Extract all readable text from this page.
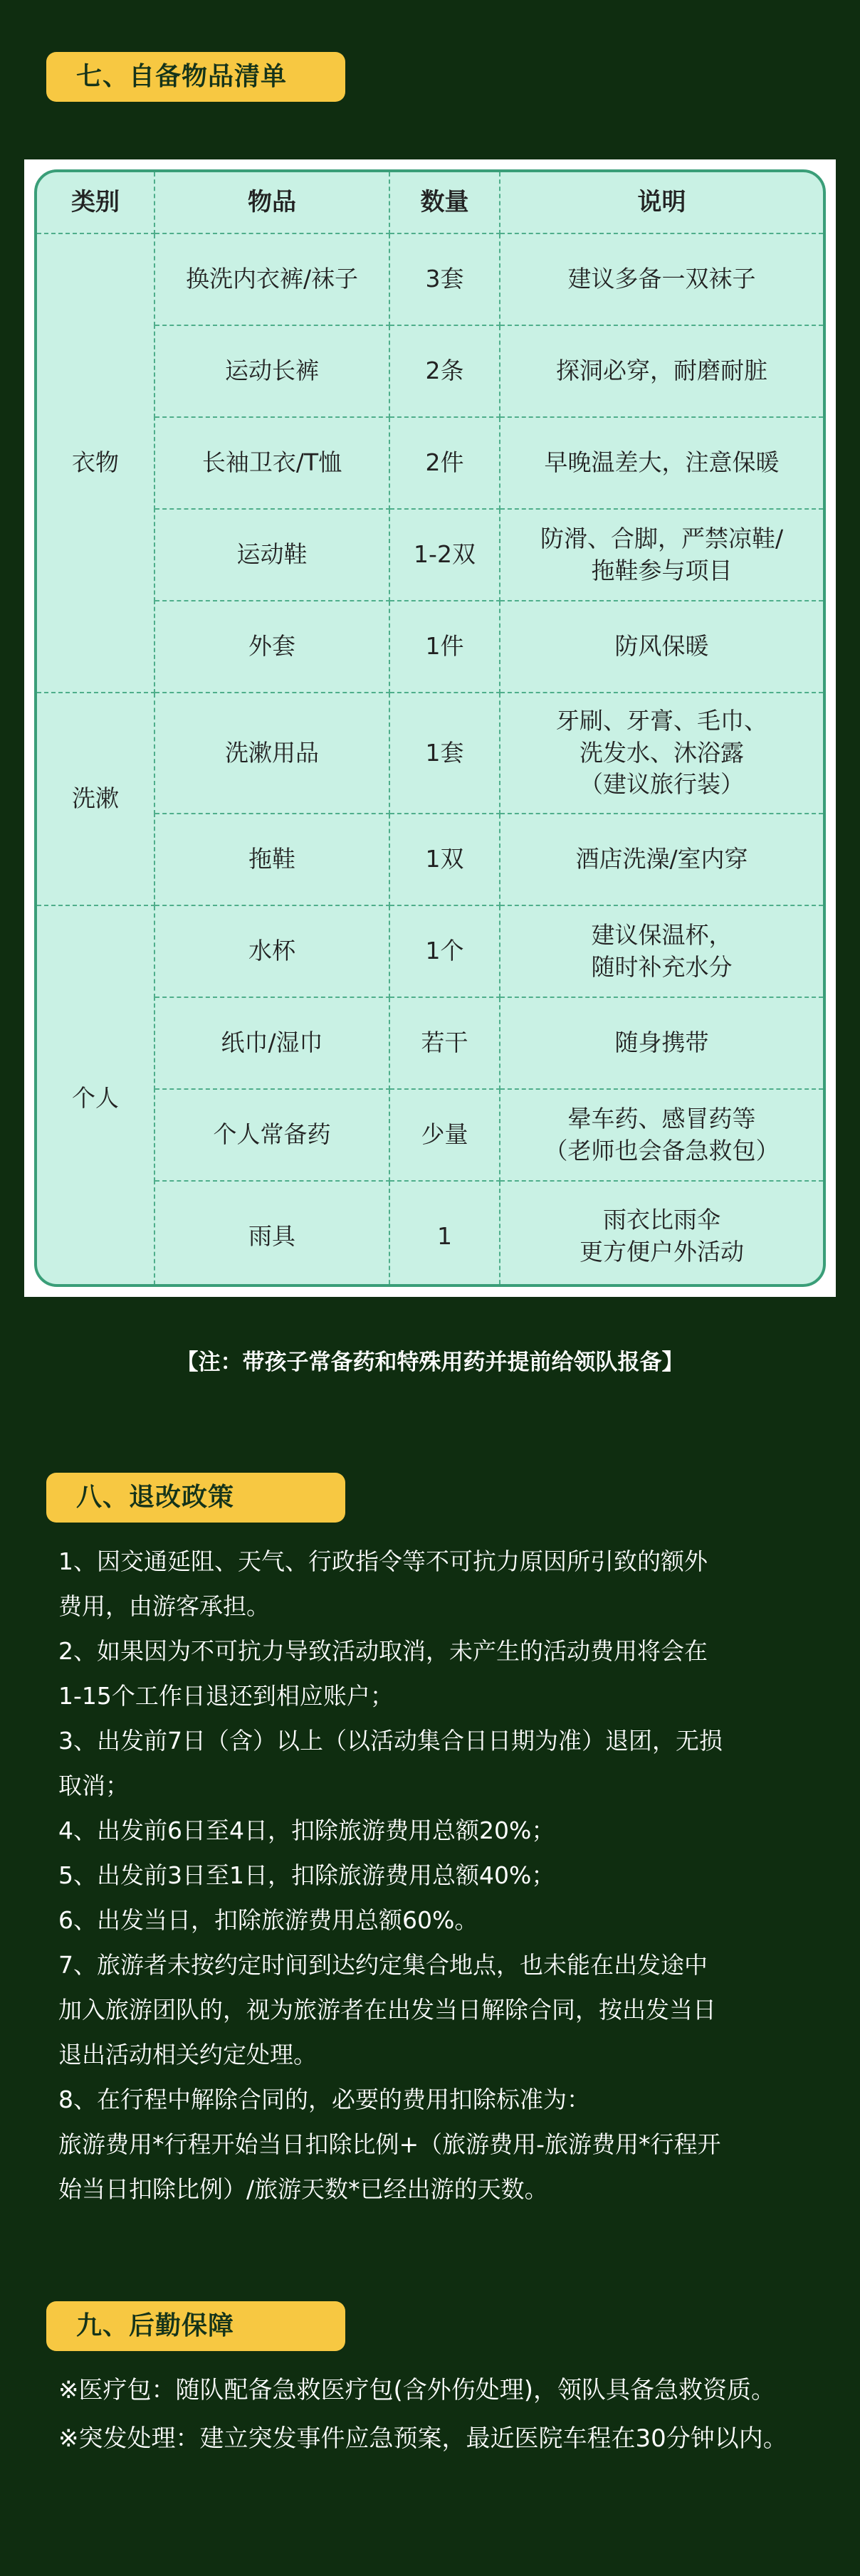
七、自备物品清单
类别	物品	数量	说明
衣物	换洗内衣裤/袜子	3套	建议多备一双袜子
	运动长裤	2条	探洞必穿，耐磨耐脏
	长袖卫衣/T恤	2件	早晚温差大，注意保暖
	运动鞋	1-2双	防滑、合脚，严禁凉鞋/
拖鞋参与项目
	外套	1件	防风保暖
洗漱	洗漱用品	1套	牙刷、牙膏、毛巾、
洗发水、沐浴露
（建议旅行装）
	拖鞋	1双	酒店洗澡/室内穿
个人	水杯	1个	建议保温杯，
随时补充水分
	纸巾/湿巾	若干	随身携带
	个人常备药	少量	晕车药、感冒药等
（老师也会备急救包）
	雨具	1	雨衣比雨伞
更方便户外活动
【注：带孩子常备药和特殊用药并提前给领队报备】
八、退改政策

1、因交通延阻、天气、行政指令等不可抗力原因所引致的额外

费用，由游客承担。

2、如果因为不可抗力导致活动取消，未产生的活动费用将会在

1-15个工作日退还到相应账户；

3、出发前7日（含）以上（以活动集合日日期为准）退团，无损

取消；

4、出发前6日至4日，扣除旅游费用总额20%；

5、出发前3日至1日，扣除旅游费用总额40%；

6、出发当日，扣除旅游费用总额60%。

7、旅游者未按约定时间到达约定集合地点，也未能在出发途中

加入旅游团队的，视为旅游者在出发当日解除合同，按出发当日

退出活动相关约定处理。

8、在行程中解除合同的，必要的费用扣除标准为：

旅游费用*行程开始当日扣除比例+（旅游费用-旅游费用*行程开

始当日扣除比例）/旅游天数*已经出游的天数。

九、后勤保障

※医疗包：随队配备急救医疗包(含外伤处理)，领队具备急救资质。

※突发处理：建立突发事件应急预案，最近医院车程在30分钟以内。
